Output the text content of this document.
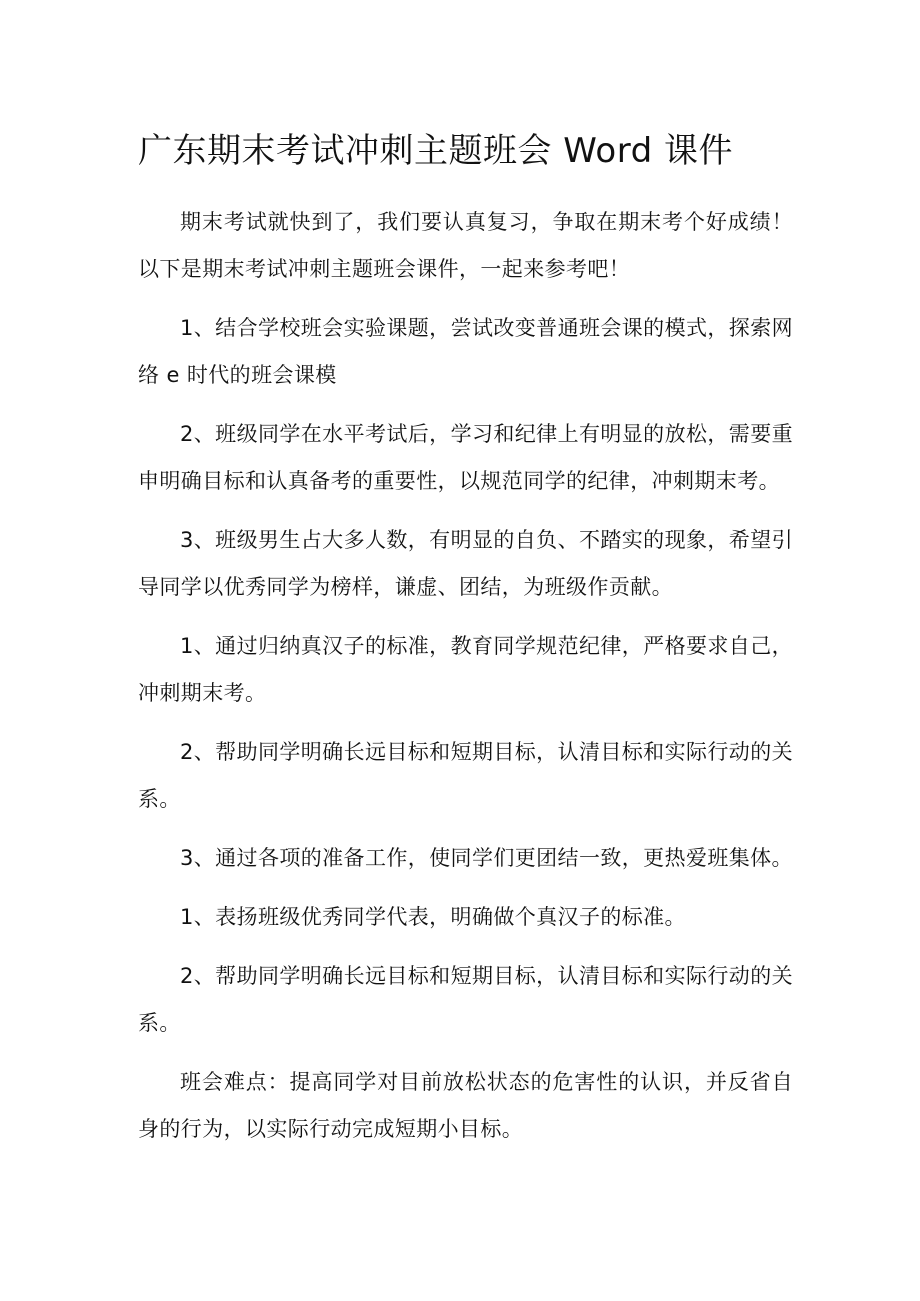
广东期末考试冲刺主题班会 Word 课件

期末考试就快到了，我们要认真复习，争取在期末考个好成绩！以下是期末考试冲刺主题班会课件，一起来参考吧！

1、结合学校班会实验课题，尝试改变普通班会课的模式，探索网络 e 时代的班会课模

2、班级同学在水平考试后，学习和纪律上有明显的放松，需要重申明确目标和认真备考的重要性，以规范同学的纪律，冲刺期末考。

3、班级男生占大多人数，有明显的自负、不踏实的现象，希望引导同学以优秀同学为榜样，谦虚、团结，为班级作贡献。

1、通过归纳真汉子的标准，教育同学规范纪律，严格要求自己，冲刺期末考。

2、帮助同学明确长远目标和短期目标，认清目标和实际行动的关系。

3、通过各项的准备工作，使同学们更团结一致，更热爱班集体。

1、表扬班级优秀同学代表，明确做个真汉子的标准。

2、帮助同学明确长远目标和短期目标，认清目标和实际行动的关系。

班会难点：提高同学对目前放松状态的危害性的认识，并反省自身的行为，以实际行动完成短期小目标。
